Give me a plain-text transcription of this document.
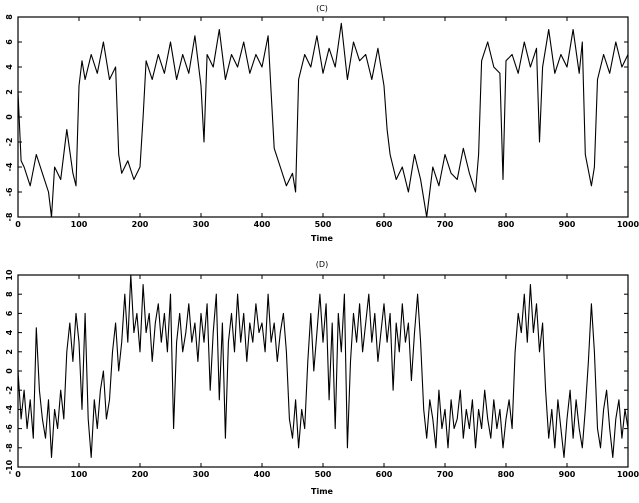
(C)
Time
0	100	200	300	400	500	600	700	800	900	1000
-8
-6
-4
-2
0
2
4
6
8
(D)
Time
0	100	200	300	400	500	600	700	800	900	1000
-10
-8
-6
-4
-2
0
2
4
6
8
10
